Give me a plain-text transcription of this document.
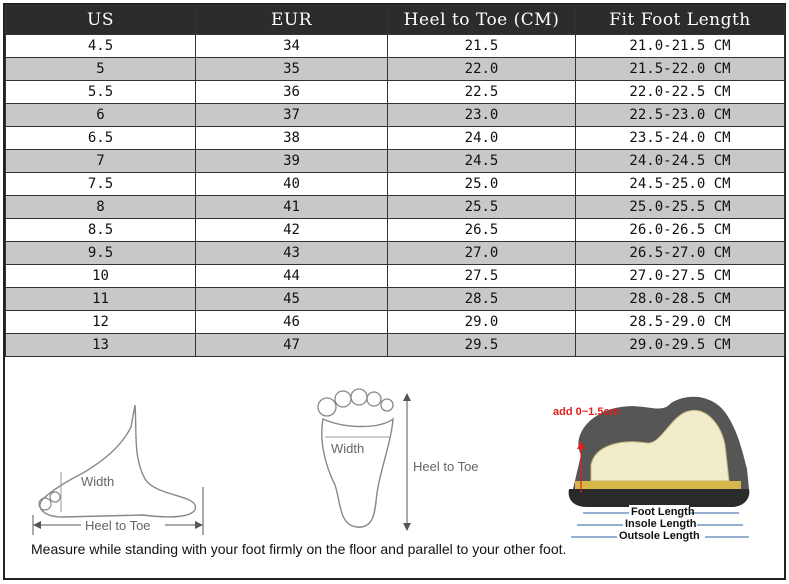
US	EUR	Heel to Toe (CM)	Fit Foot Length
4.5	34	21.5	21.0-21.5 CM
5	35	22.0	21.5-22.0 CM
5.5	36	22.5	22.0-22.5 CM
6	37	23.0	22.5-23.0 CM
6.5	38	24.0	23.5-24.0 CM
7	39	24.5	24.0-24.5 CM
7.5	40	25.0	24.5-25.0 CM
8	41	25.5	25.0-25.5 CM
8.5	42	26.5	26.0-26.5 CM
9.5	43	27.0	26.5-27.0 CM
10	44	27.5	27.0-27.5 CM
11	45	28.5	28.0-28.5 CM
12	46	29.0	28.5-29.0 CM
13	47	29.5	29.0-29.5 CM
Width
Heel to Toe
Width
Heel to Toe
add 0~1.5cm
Foot Length
Insole Length
Outsole Length
Measure while standing with your foot firmly on the floor and parallel to your other foot.
